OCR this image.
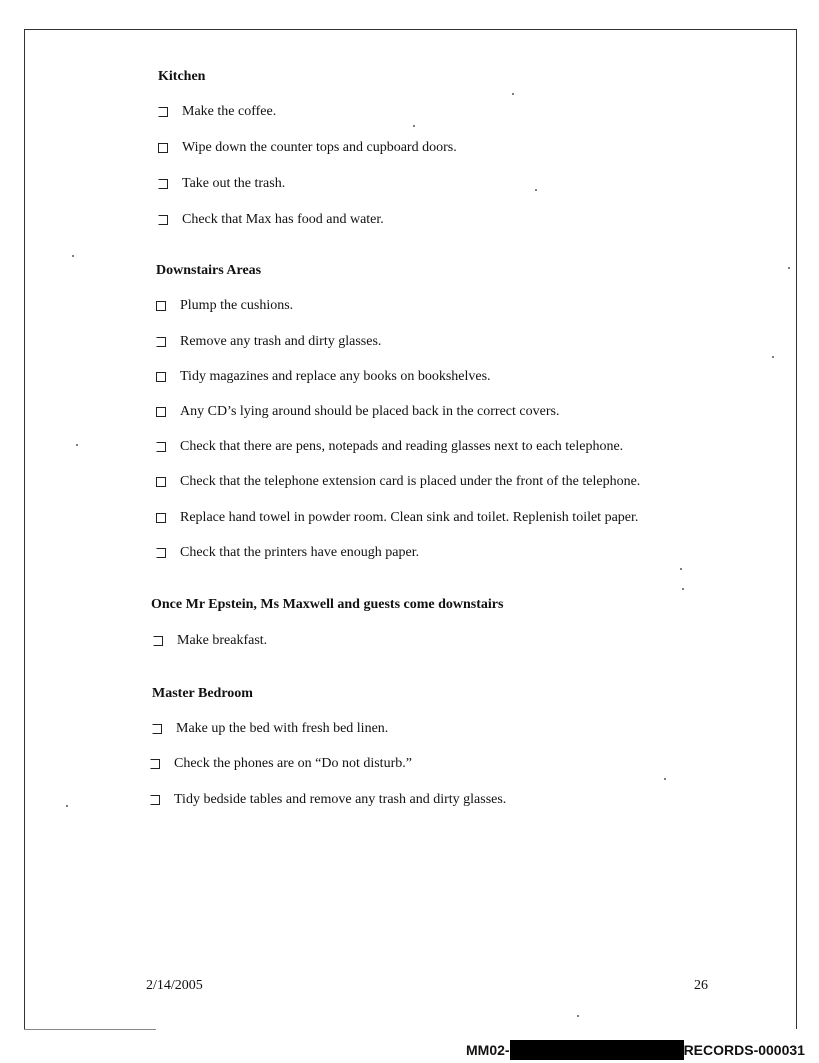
Kitchen
Make the coffee.
Wipe down the counter tops and cupboard doors.
Take out the trash.
Check that Max has food and water.
Downstairs Areas
Plump the cushions.
Remove any trash and dirty glasses.
Tidy magazines and replace any books on bookshelves.
Any CD’s lying around should be placed back in the correct covers.
Check that there are pens, notepads and reading glasses next to each telephone.
Check that the telephone extension card is placed under the front of the telephone.
Replace hand towel in powder room. Clean sink and toilet. Replenish toilet paper.
Check that the printers have enough paper.
Once Mr Epstein, Ms Maxwell and guests come downstairs
Make breakfast.
Master Bedroom
Make up the bed with fresh bed linen.
Check the phones are on “Do not disturb.”
Tidy bedside tables and remove any trash and dirty glasses.
2/14/2005	26
MM02-	RECORDS-000031
